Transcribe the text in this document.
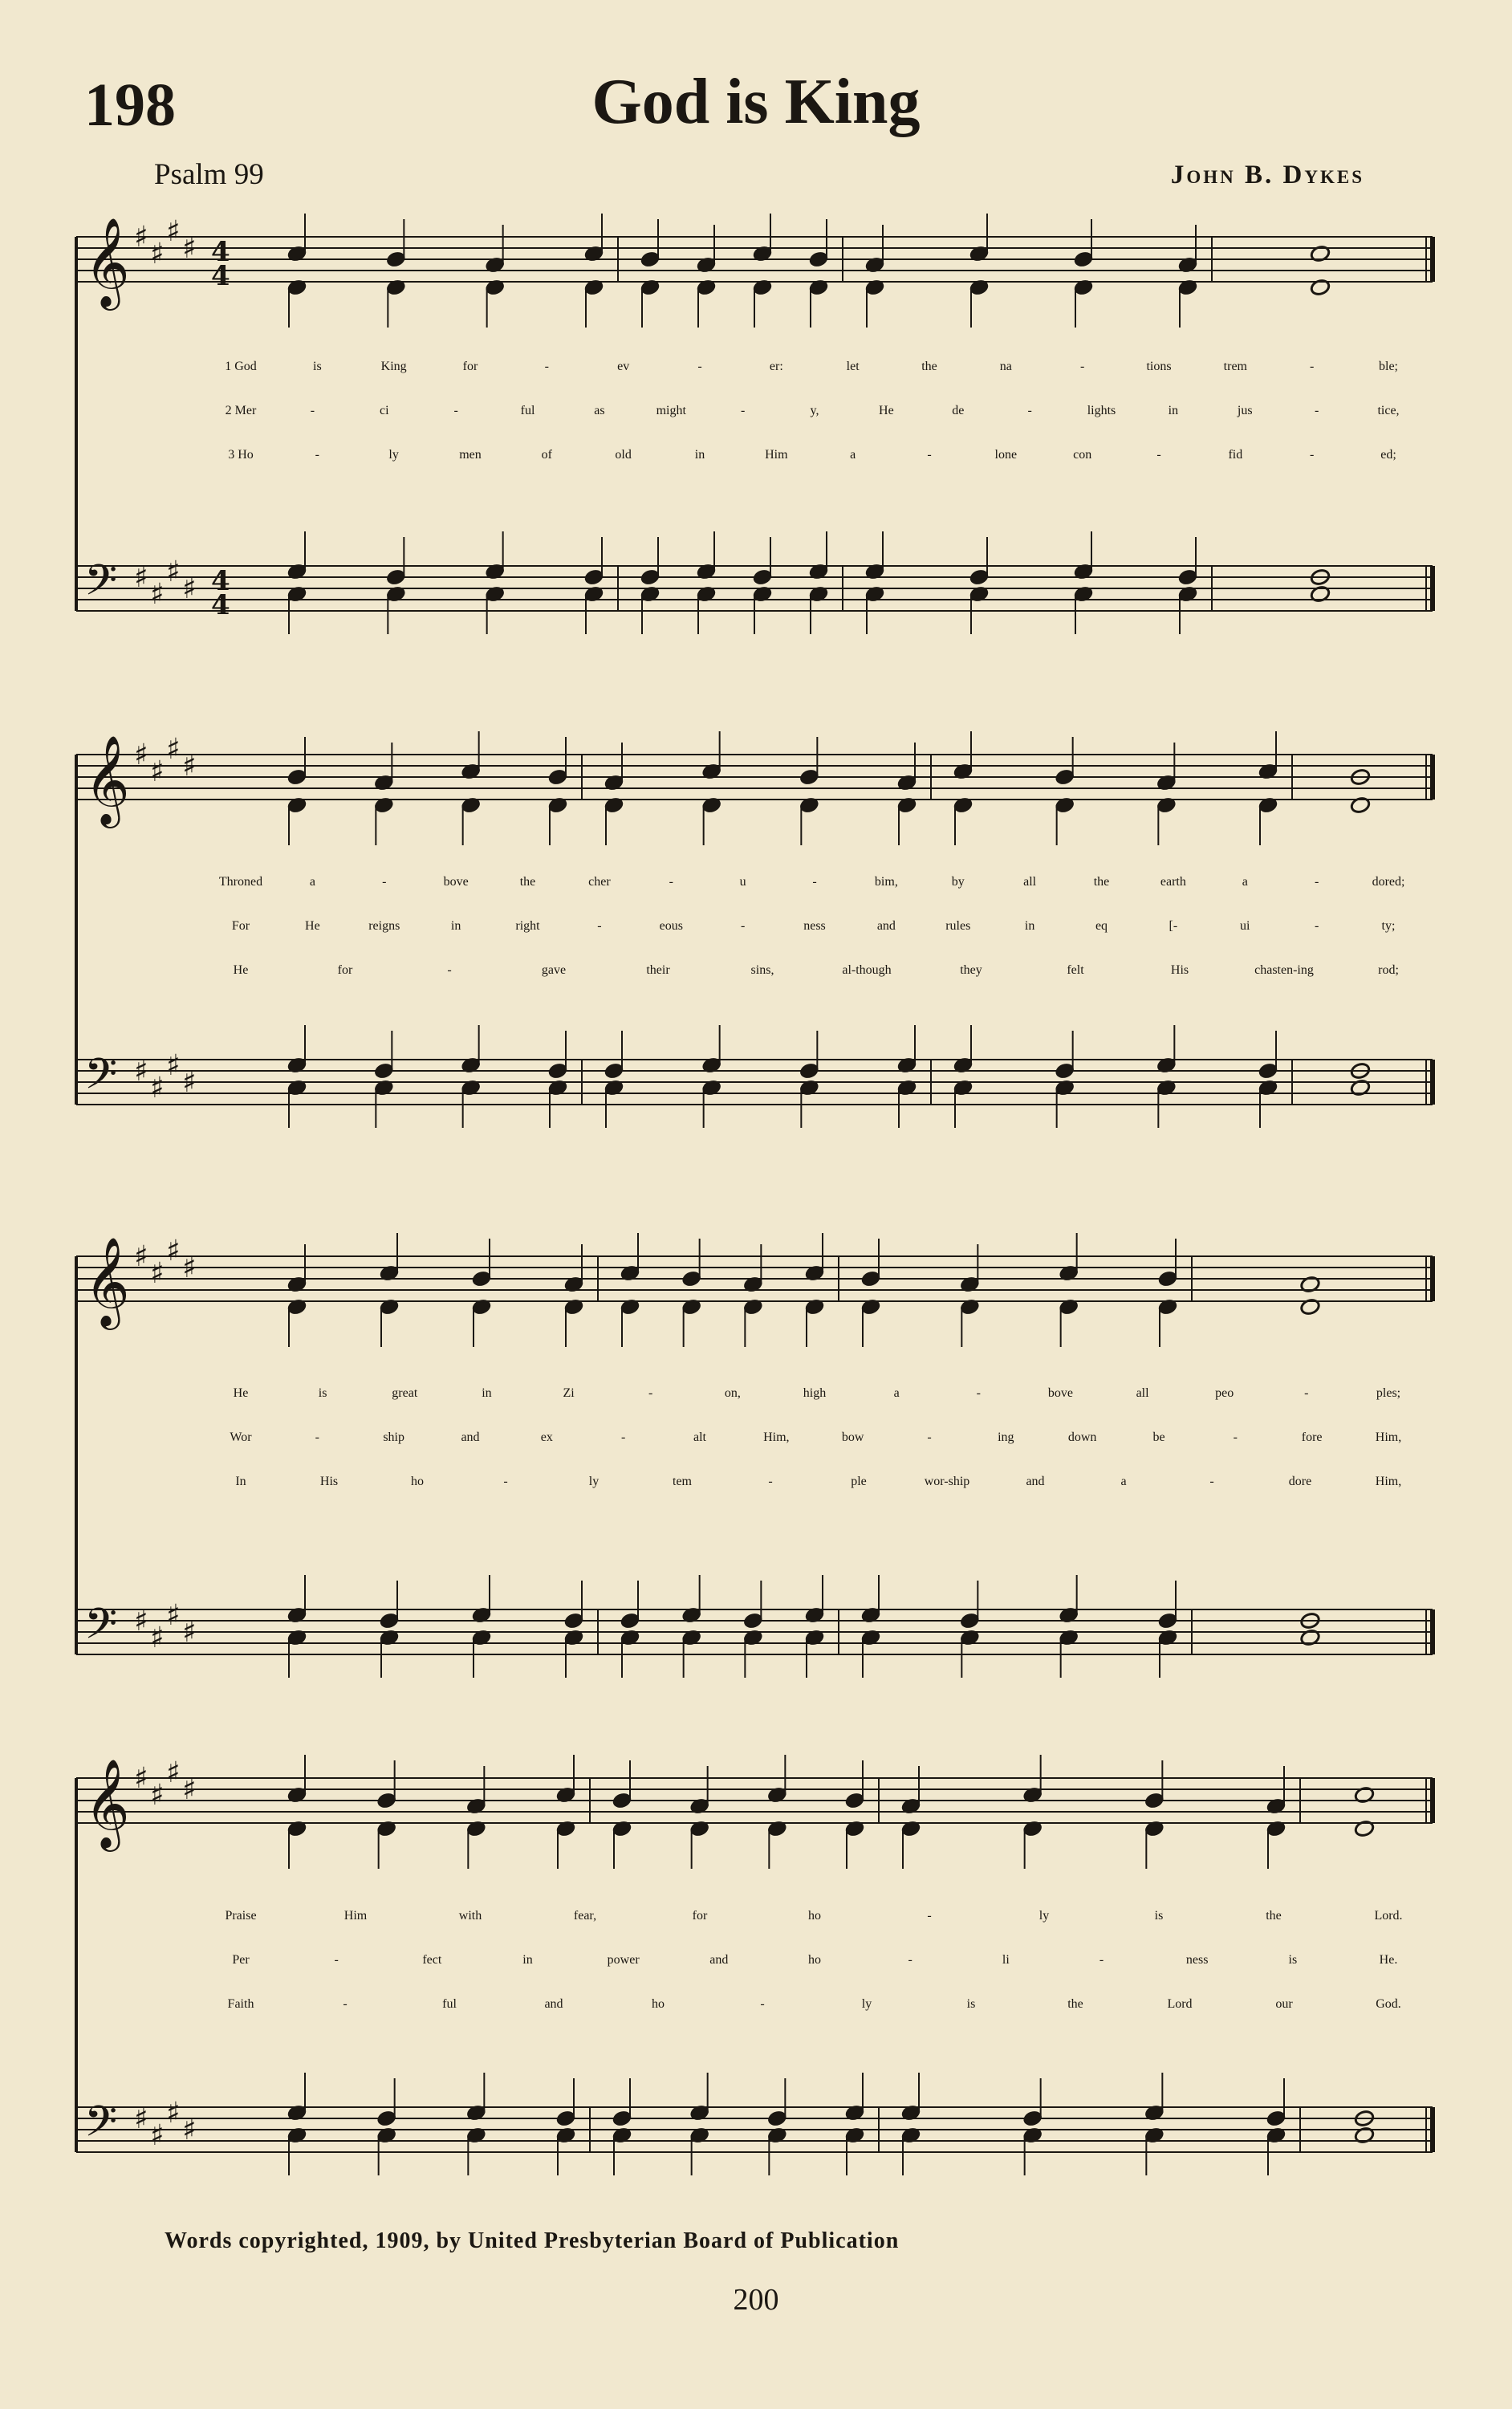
198	God is King
Psalm 99	John B. Dykes
𝄞 ♯
♯
♯
♯ 4
4
𝄢 ♯
♯
♯
♯ 4
4
𝄞 ♯
♯
♯
♯
𝄢 ♯
♯
♯
♯
𝄞 ♯
♯
♯
♯
𝄢 ♯
♯
♯
♯
𝄞 ♯
♯
♯
♯
𝄢 ♯
♯
♯
♯
1 God	is	King	for	-	ev	-	er:	let	the	na	-	tions	trem	-	ble;
2 Mer	-	ci	-	ful	as	might	-	y,	He	de	-	lights	in	jus	-	tice,
3 Ho	-	ly	men	of	old	in	Him	a	-	lone	con	-	fid	-	ed;
Throned	a	-	bove	the	cher	-	u	-	bim,	by	all	the	earth	a	-	dored;
For	He	reigns	in	right	-	eous	-	ness	and	rules	in	eq	[-	ui	-	ty;
He	for	-	gave	their	sins,	al-though	they	felt	His	chasten-ing	rod;
He	is	great	in	Zi	-	on,	high	a	-	bove	all	peo	-	ples;
Wor	-	ship	and	ex	-	alt	Him,	bow	-	ing	down	be	-	fore	Him,
In	His	ho	-	ly	tem	-	ple	wor-ship	and	a	-	dore	Him,
Praise	Him	with	fear,	for	ho	-	ly	is	the	Lord.
Per	-	fect	in	power	and	ho	-	li	-	ness	is	He.
Faith	-	ful	and	ho	-	ly	is	the	Lord	our	God.
Words copyrighted, 1909, by United Presbyterian Board of Publication
200
